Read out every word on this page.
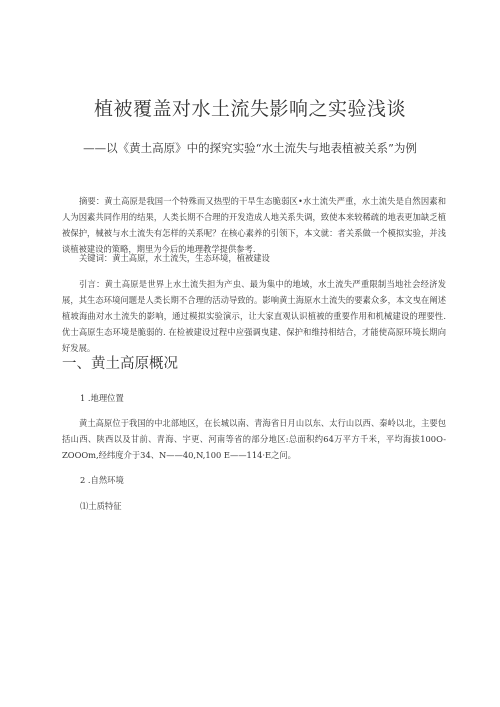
植被覆盖对水土流失影响之实验浅谈
——以《黄土高原》中的探究实验“水土流失与地表植被关系”为例

摘要：黄土高原是我国一个特殊而又热型的干旱生态脆弱区•水土流失严重，水土流失是自然因素和人为因素共同作用的结果，人类长期不合理的开发造成人地关系失调，致使本来较稀疏的地表更加缺乏植被保护，械被与水土流失有怎样的关系呢？在核心素养的引领下，本文就：者关系做一个模拟实验，并浅谈植被建设的策略，期里为今后的地理教学提供参考.

关键词：黄土高原，水土流失，生态环境，植被建设

引言：黄土高原是世界上水土流失担为产虫、最为集中的地域，水土流失严重限制当地社会经济发展，其生态环境问题是人类长期不合理的活动导致的。影响黄土海原水土流失的要素众多，本文曳在阐述植坡海曲对水土流失的影响，通过模拟实验演示，让大家直观认识植被的重要作用和机械建设的理要性.优士高原生态环境是脆弱的. 在检被建设过程中应强调曳建、保护和维持相结合，才能使高原环境长期向好发展。

一、黄土高原概况
1 .地理位置

黄土高原位于我国的中北部地区，在长城以南、青海省日月山以东、太行山以西、秦岭以北，主要包括山西、陕西以及甘前、青海、宇更、河南等省的部分地区:总面积约64万平方千米，平均海拔100O-ZOOOm,经纬度介于34、N——40,N,100 E——114·E之问。

2 .自然环境
⑴土质特征
